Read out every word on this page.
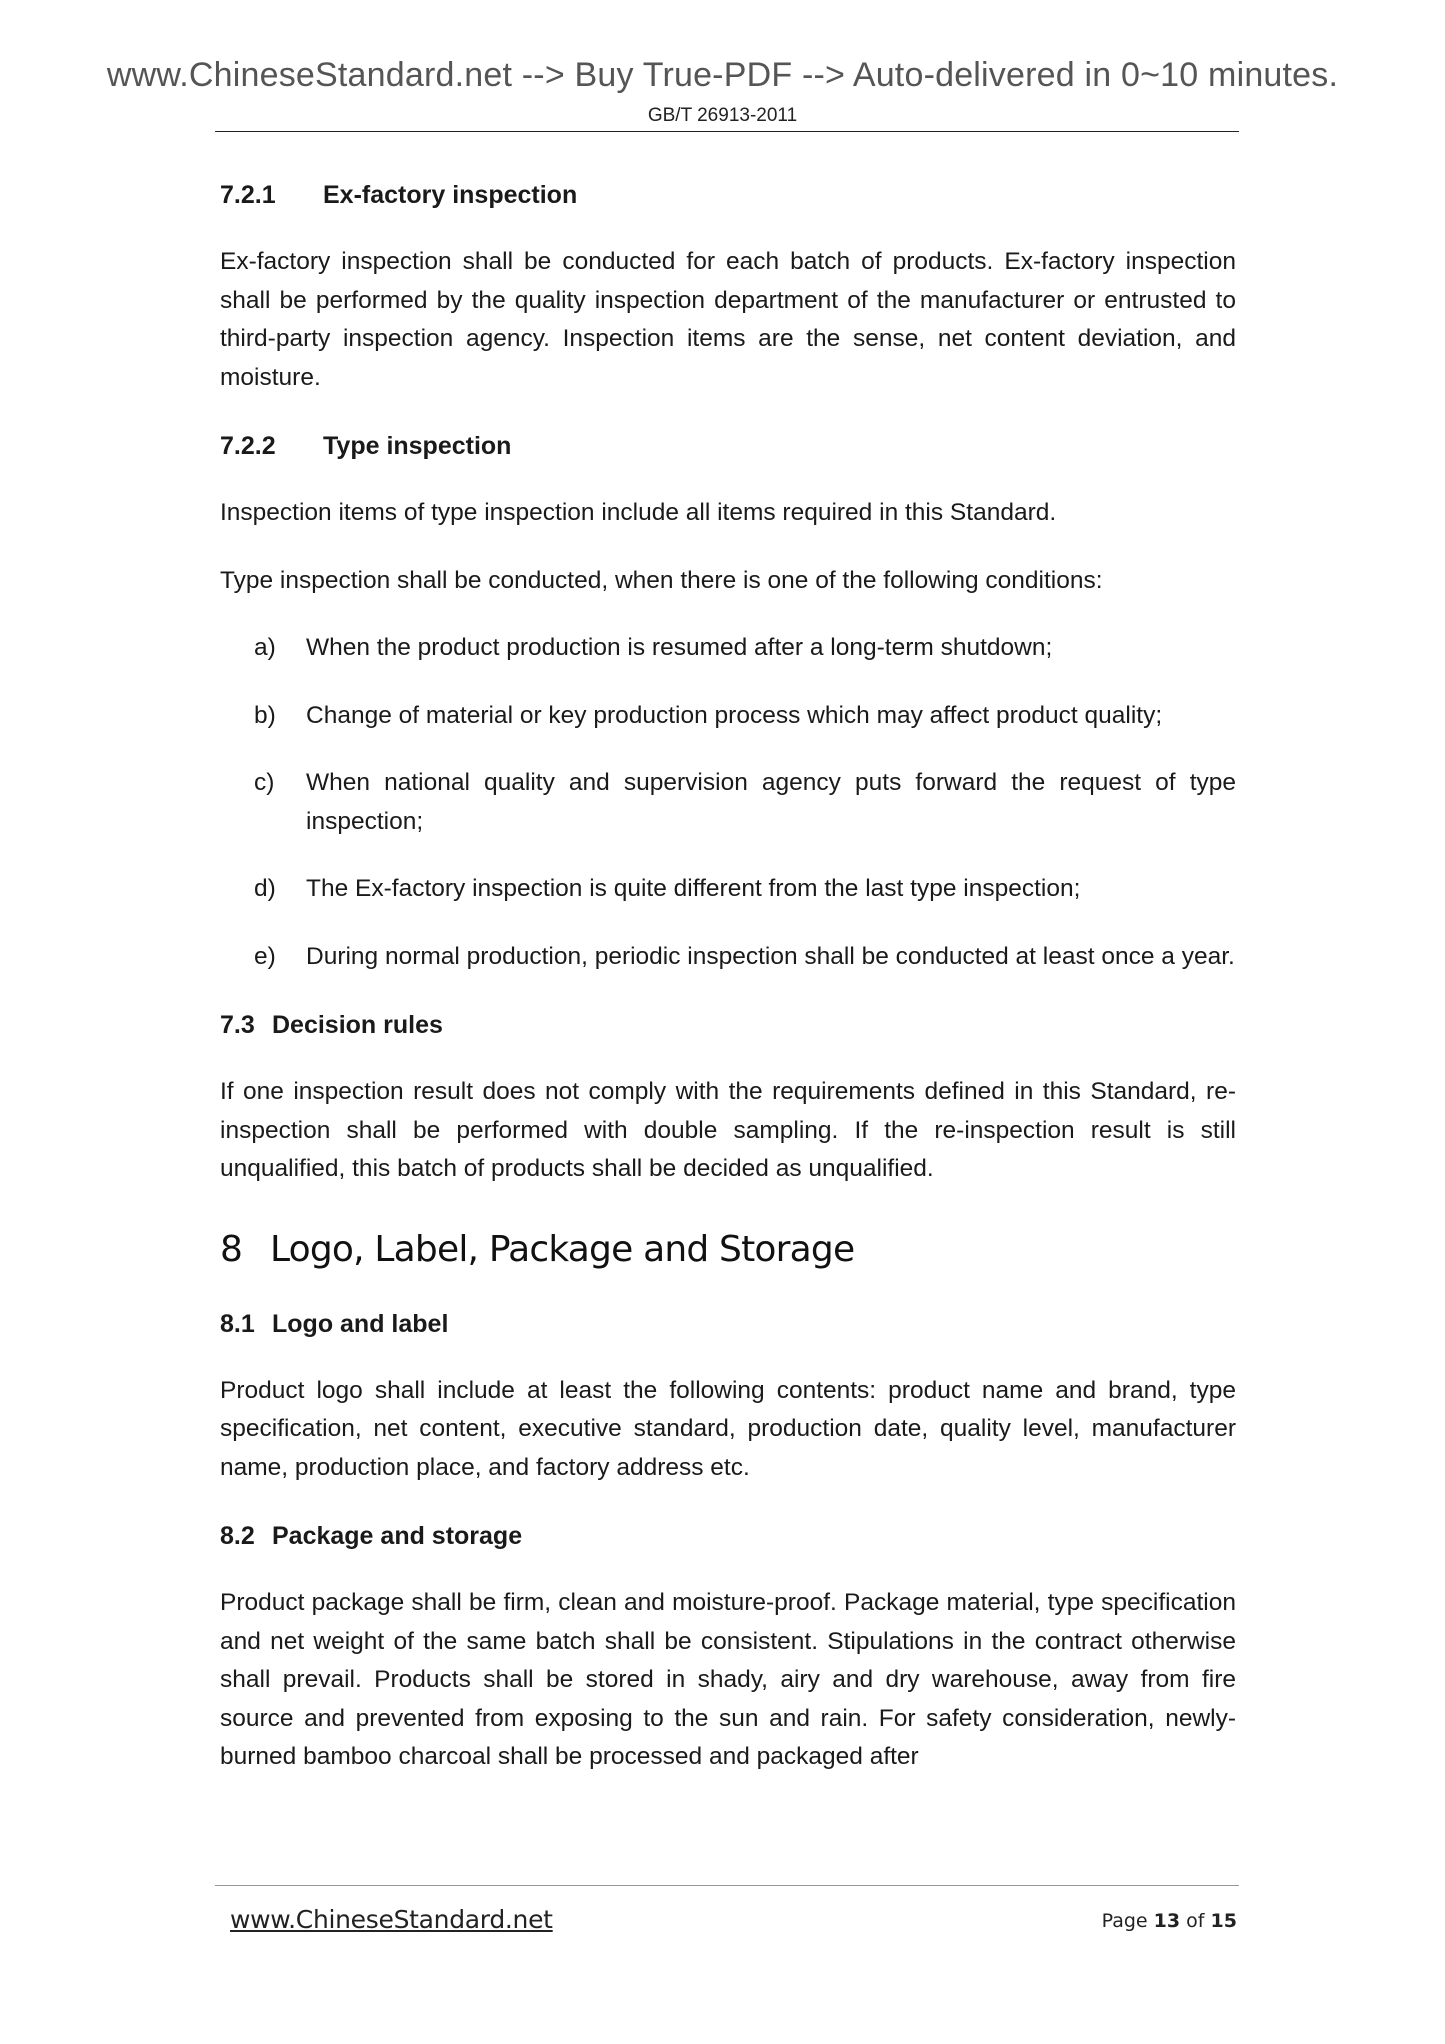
www.ChineseStandard.net --> Buy True-PDF --> Auto-delivered in 0~10 minutes.
GB/T 26913-2011
7.2.1 Ex-factory inspection

Ex-factory inspection shall be conducted for each batch of products. Ex-factory inspection shall be performed by the quality inspection department of the manufacturer or entrusted to third-party inspection agency. Inspection items are the sense, net content deviation, and moisture.

7.2.2 Type inspection

Inspection items of type inspection include all items required in this Standard.

Type inspection shall be conducted, when there is one of the following conditions:

a)	When the product production is resumed after a long-term shutdown;
b)	Change of material or key production process which may affect product quality;
c)	When national quality and supervision agency puts forward the request of type inspection;
d)	The Ex-factory inspection is quite different from the last type inspection;
e)	During normal production, periodic inspection shall be conducted at least once a year.
7.3 Decision rules

If one inspection result does not comply with the requirements defined in this Standard, re-inspection shall be performed with double sampling. If the re-inspection result is still unqualified, this batch of products shall be decided as unqualified.

8 Logo, Label, Package and Storage
8.1 Logo and label

Product logo shall include at least the following contents: product name and brand, type specification, net content, executive standard, production date, quality level, manufacturer name, production place, and factory address etc.

8.2 Package and storage

Product package shall be firm, clean and moisture-proof. Package material, type specification and net weight of the same batch shall be consistent. Stipulations in the contract otherwise shall prevail. Products shall be stored in shady, airy and dry warehouse, away from fire source and prevented from exposing to the sun and rain. For safety consideration, newly-burned bamboo charcoal shall be processed and packaged after

www.ChineseStandard.net	Page 13 of 15
